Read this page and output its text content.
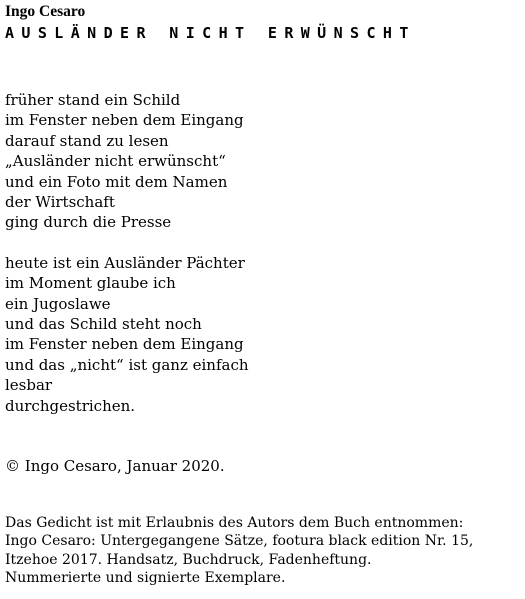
Ingo Cesaro

AUSLÄNDER NICHT ERWÜNSCHT

früher stand ein Schild
im Fenster neben dem Eingang
darauf stand zu lesen
„Ausländer nicht erwünscht“
und ein Foto mit dem Namen
der Wirtschaft
ging durch die Presse

heute ist ein Ausländer Pächter
im Moment glaube ich
ein Jugoslawe
und das Schild steht noch
im Fenster neben dem Eingang
und das „nicht“ ist ganz einfach
lesbar
durchgestrichen.

© Ingo Cesaro, Januar 2020.
Das Gedicht ist mit Erlaubnis des Autors dem Buch entnommen:
Ingo Cesaro: Untergegangene Sätze, footura black edition Nr. 15,
Itzehoe 2017. Handsatz, Buchdruck, Fadenheftung.
Nummerierte und signierte Exemplare.
